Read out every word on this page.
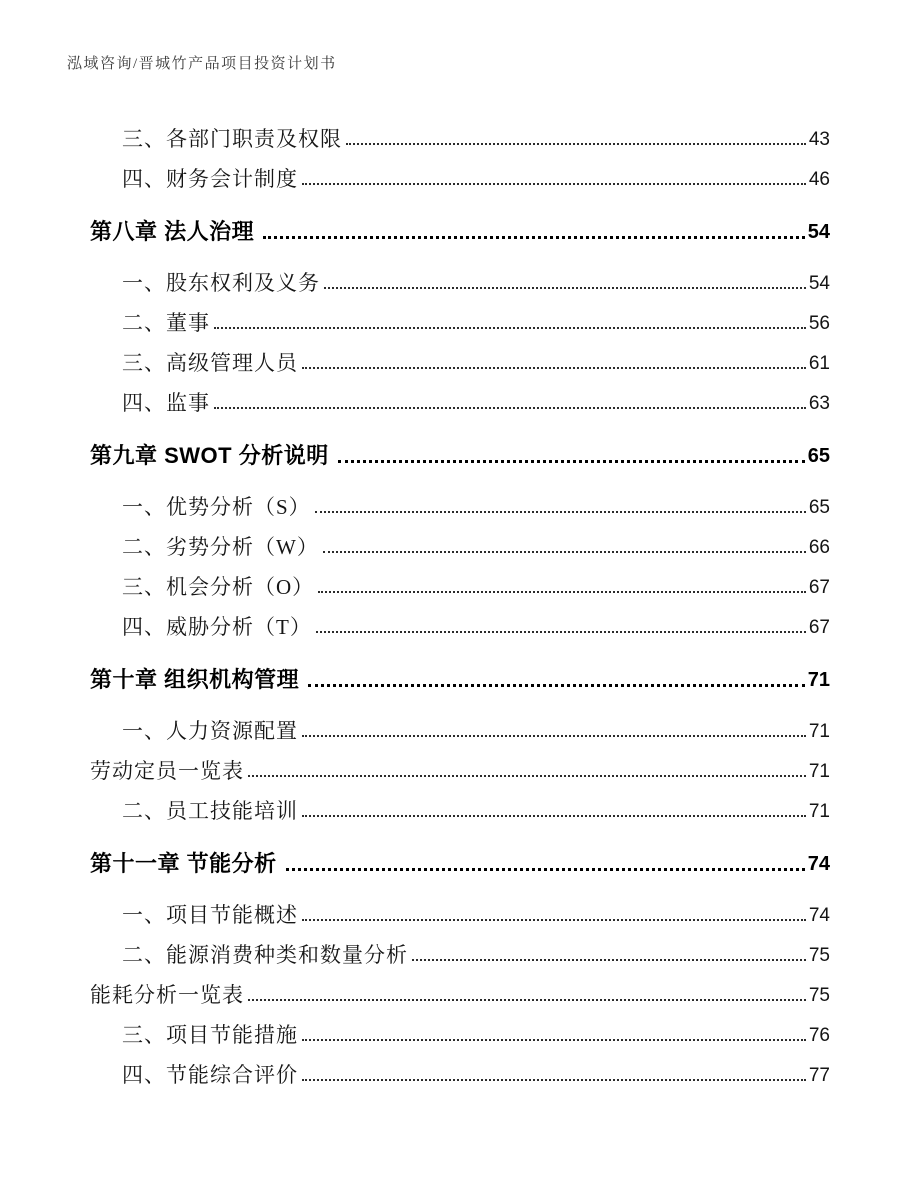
泓域咨询/晋城竹产品项目投资计划书
三、各部门职责及权限	43
四、财务会计制度	46
第八章 法人治理	54
一、股东权利及义务	54
二、董事	56
三、高级管理人员	61
四、监事	63
第九章 SWOT 分析说明	65
一、优势分析（S）	65
二、劣势分析（W）	66
三、机会分析（O）	67
四、威胁分析（T）	67
第十章 组织机构管理	71
一、人力资源配置	71
劳动定员一览表	71
二、员工技能培训	71
第十一章 节能分析	74
一、项目节能概述	74
二、能源消费种类和数量分析	75
能耗分析一览表	75
三、项目节能措施	76
四、节能综合评价	77
